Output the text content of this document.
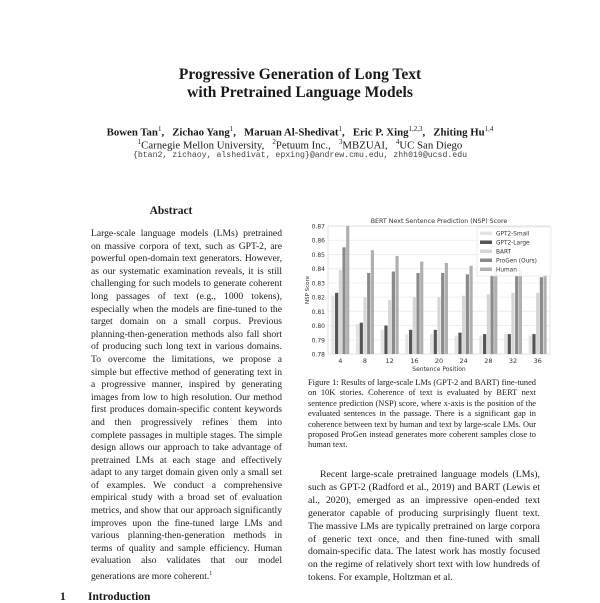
Progressive Generation of Long Text
with Pretrained Language Models
Bowen Tan$^1$,   Zichao Yang$^1$,   Maruan Al-Shedivat$^1$,   Eric P. Xing$^{1,2,3}$,   Zhiting Hu$^{1,4}$
$^1$Carnegie Mellon University, $^2$Petuum Inc., $^3$MBZUAI, $^4$UC San Diego
{btan2, zichaoy, alshedivat, epxing}@andrew.cmu.edu, zhh019@ucsd.edu
Abstract
Large-scale language models (LMs) pretrained on massive corpora of text, such as GPT-2, are powerful open-domain text generators. However, as our systematic examination reveals, it is still challenging for such models to generate coherent long passages of text (e.g., 1000 tokens), especially when the models are fine-tuned to the target domain on a small corpus. Previous planning-then-generation methods also fall short of producing such long text in various domains. To overcome the limitations, we propose a simple but effective method of generating text in a progressive manner, inspired by generating images from low to high resolution. Our method first produces domain-specific content keywords and then progressively refines them into complete passages in multiple stages. The simple design allows our approach to take advantage of pretrained LMs at each stage and effectively adapt to any target domain given only a small set of examples. We conduct a comprehensive empirical study with a broad set of evaluation metrics, and show that our approach significantly improves upon the fine-tuned large LMs and various planning-then-generation methods in terms of quality and sample efficiency. Human evaluation also validates that our model generations are more coherent.$^1$
1 Introduction
0.78
0.79
0.80
0.81
0.82
0.83
0.84
0.85
0.86
0.87
4	8	12	16	20	24	28	32	36
BERT Next Sentence Prediction (NSP) Score
Sentence Position
NSP Score
GPT2-Small
GPT2-Large
BART
ProGen (Ours)
Human
Figure 1: Results of large-scale LMs (GPT-2 and BART) fine-tuned on 10K stories. Coherence of text is evaluated by BERT next sentence prediction (NSP) score, where x-axis is the position of the evaluated sentences in the passage. There is a significant gap in coherence between text by human and text by large-scale LMs. Our proposed ProGen instead generates more coherent samples close to human text.
Recent large-scale pretrained language models (LMs), such as GPT-2 (Radford et al., 2019) and BART (Lewis et al., 2020), emerged as an impressive open-ended text generator capable of producing surprisingly fluent text. The massive LMs are typically pretrained on large corpora of generic text once, and then fine-tuned with small domain-specific data. The latest work has mostly focused on the regime of relatively short text with low hundreds of tokens. For example, Holtzman et al.
